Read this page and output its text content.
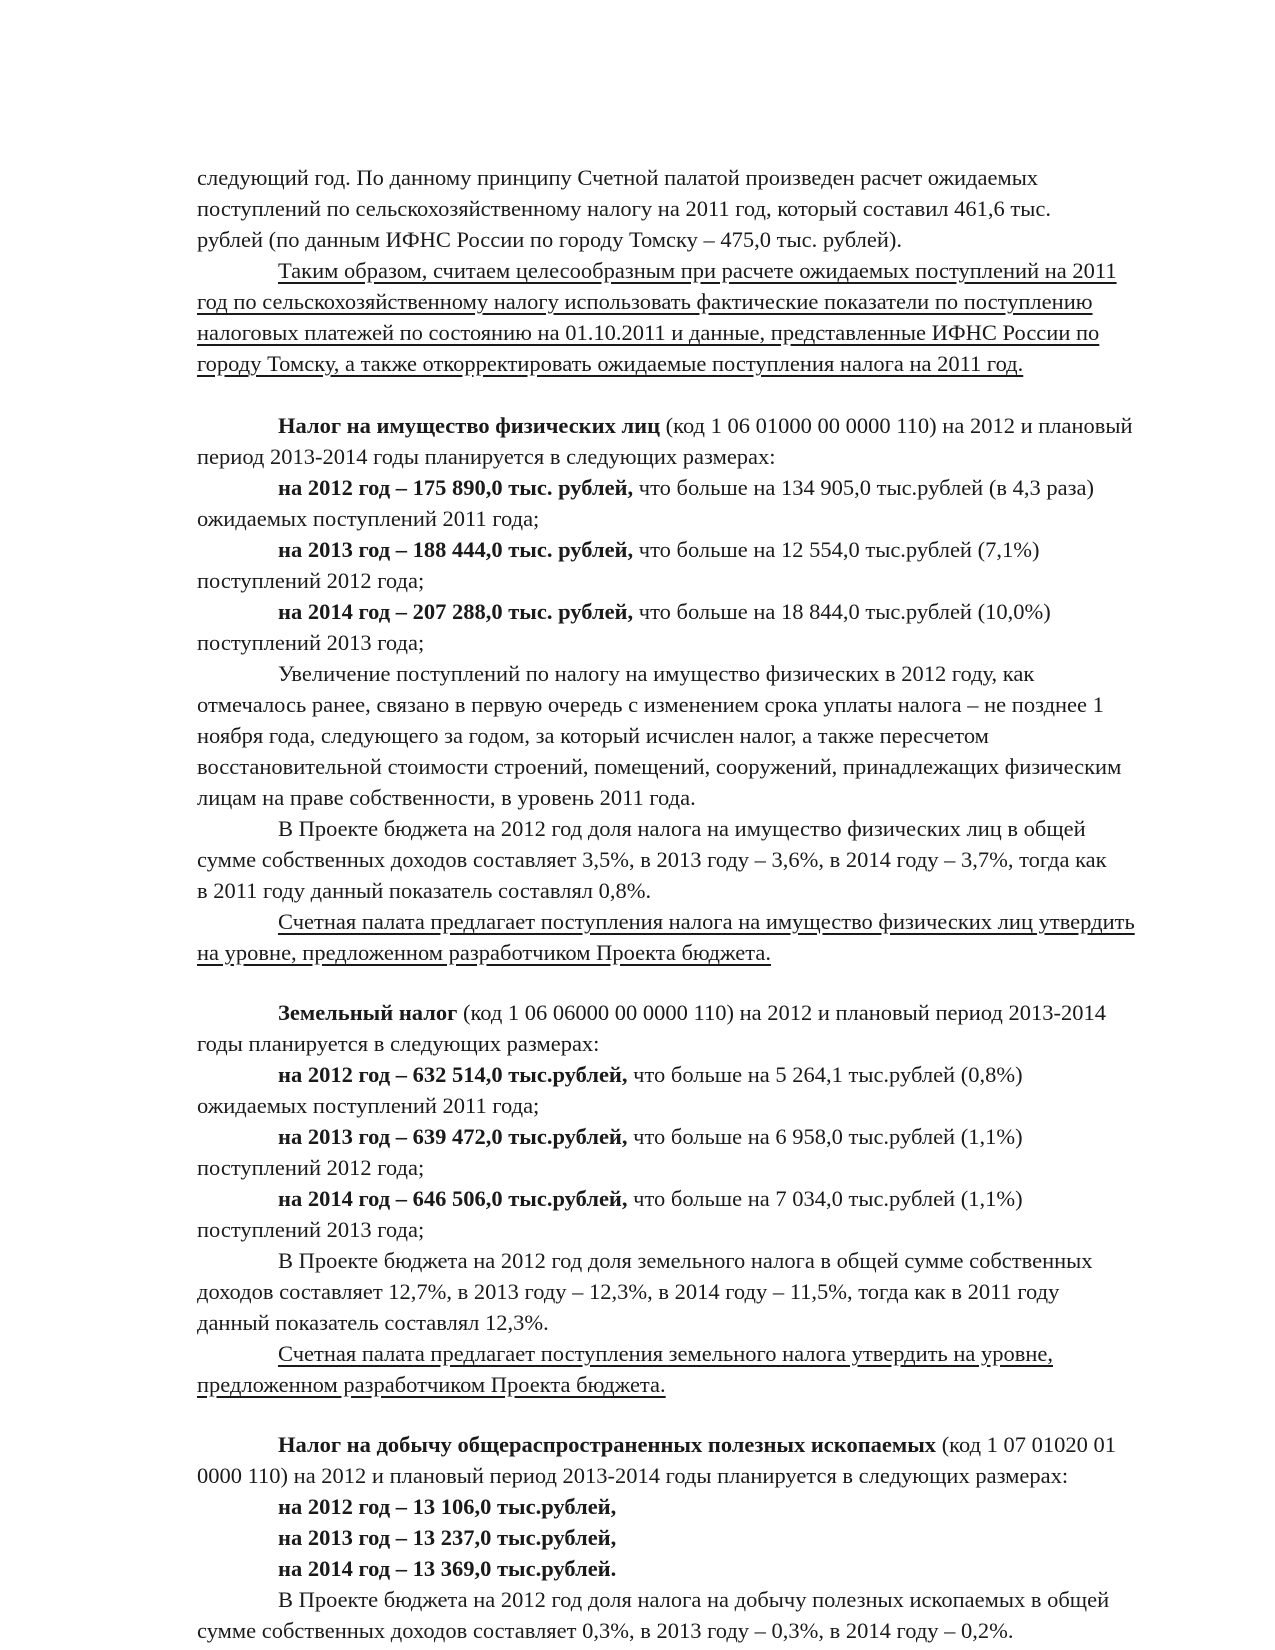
следующий год. По данному принципу Счетной палатой произведен расчет ожидаемых

поступлений по сельскохозяйственному налогу на 2011 год, который составил 461,6 тыс.

рублей (по данным ИФНС России по городу Томску – 475,0 тыс. рублей).

Таким образом, считаем целесообразным при расчете ожидаемых поступлений на 2011

год по сельскохозяйственному налогу использовать фактические показатели по поступлению

налоговых платежей по состоянию на 01.10.2011 и данные, представленные ИФНС России по

городу Томску, а также откорректировать ожидаемые поступления налога на 2011 год.

Налог на имущество физических лиц (код 1 06 01000 00 0000 110) на 2012 и плановый

период 2013-2014 годы планируется в следующих размерах:

на 2012 год – 175 890,0 тыс. рублей, что больше на 134 905,0 тыс.рублей (в 4,3 раза)

ожидаемых поступлений 2011 года;

на 2013 год – 188 444,0 тыс. рублей, что больше на 12 554,0 тыс.рублей (7,1%)

поступлений 2012 года;

на 2014 год – 207 288,0 тыс. рублей, что больше на 18 844,0 тыс.рублей (10,0%)

поступлений 2013 года;

Увеличение поступлений по налогу на имущество физических в 2012 году, как

отмечалось ранее, связано в первую очередь с изменением срока уплаты налога – не позднее 1

ноября года, следующего за годом, за который исчислен налог, а также пересчетом

восстановительной стоимости строений, помещений, сооружений, принадлежащих физическим

лицам на праве собственности, в уровень 2011 года.

В Проекте бюджета на 2012 год доля налога на имущество физических лиц в общей

сумме собственных доходов составляет 3,5%, в 2013 году – 3,6%, в 2014 году – 3,7%, тогда как

в 2011 году данный показатель составлял 0,8%.

Счетная палата предлагает поступления налога на имущество физических лиц утвердить

на уровне, предложенном разработчиком Проекта бюджета.

Земельный налог (код 1 06 06000 00 0000 110) на 2012 и плановый период 2013-2014

годы планируется в следующих размерах:

на 2012 год – 632 514,0 тыс.рублей, что больше на 5 264,1 тыс.рублей (0,8%)

ожидаемых поступлений 2011 года;

на 2013 год – 639 472,0 тыс.рублей, что больше на 6 958,0 тыс.рублей (1,1%)

поступлений 2012 года;

на 2014 год – 646 506,0 тыс.рублей, что больше на 7 034,0 тыс.рублей (1,1%)

поступлений 2013 года;

В Проекте бюджета на 2012 год доля земельного налога в общей сумме собственных

доходов составляет 12,7%, в 2013 году – 12,3%, в 2014 году – 11,5%, тогда как в 2011 году

данный показатель составлял 12,3%.

Счетная палата предлагает поступления земельного налога утвердить на уровне,

предложенном разработчиком Проекта бюджета.

Налог на добычу общераспространенных полезных ископаемых (код 1 07 01020 01

0000 110) на 2012 и плановый период 2013-2014 годы планируется в следующих размерах:

на 2012 год – 13 106,0 тыс.рублей,

на 2013 год – 13 237,0 тыс.рублей,

на 2014 год – 13 369,0 тыс.рублей.

В Проекте бюджета на 2012 год доля налога на добычу полезных ископаемых в общей

сумме собственных доходов составляет 0,3%, в 2013 году – 0,3%, в 2014 году – 0,2%.
